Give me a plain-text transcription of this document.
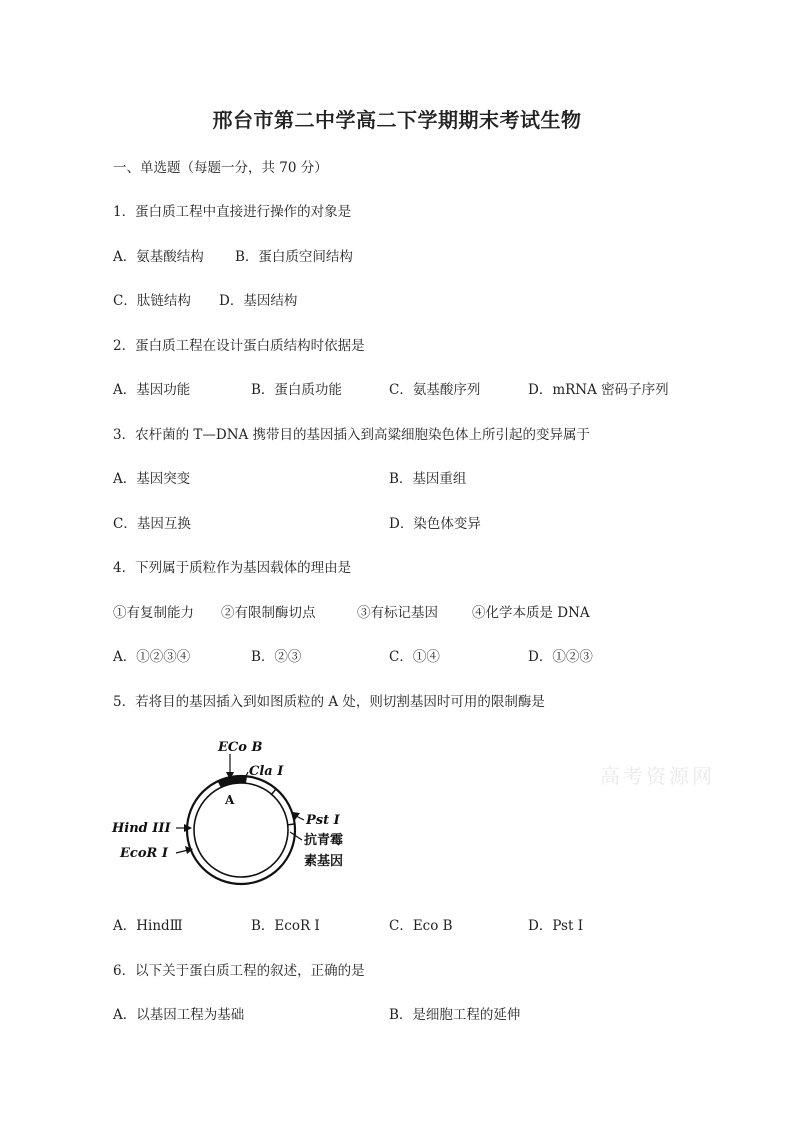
邢台市第二中学高二下学期期末考试生物
一、单选题（每题一分，共 70 分）
1．蛋白质工程中直接进行操作的对象是
A．氨基酸结构 B．蛋白质空间结构
C．肽链结构 D．基因结构
2．蛋白质工程在设计蛋白质结构时依据是
A．基因功能	B．蛋白质功能	C．氨基酸序列	D．mRNA 密码子序列
3．农杆菌的 T—DNA 携带目的基因插入到高粱细胞染色体上所引起的变异属于
A．基因突变	B．基因重组
C．基因互换	D．染色体变异
4．下列属于质粒作为基因载体的理由是
①有复制能力 ②有限制酶切点	③有标记基因	④化学本质是 DNA
A．①②③④	B．②③	C．①④	D．①②③
5．若将目的基因插入到如图质粒的 A 处，则切割基因时可用的限制酶是
ECo B
Cla I
A
Pst I
Hind III
EcoR I
抗青霉
素基因
高考资源网
A．HindⅢ	B．EcoR Ⅰ	C．Eco B	D．Pst Ⅰ
6．以下关于蛋白质工程的叙述，正确的是
A．以基因工程为基础	B．是细胞工程的延伸
